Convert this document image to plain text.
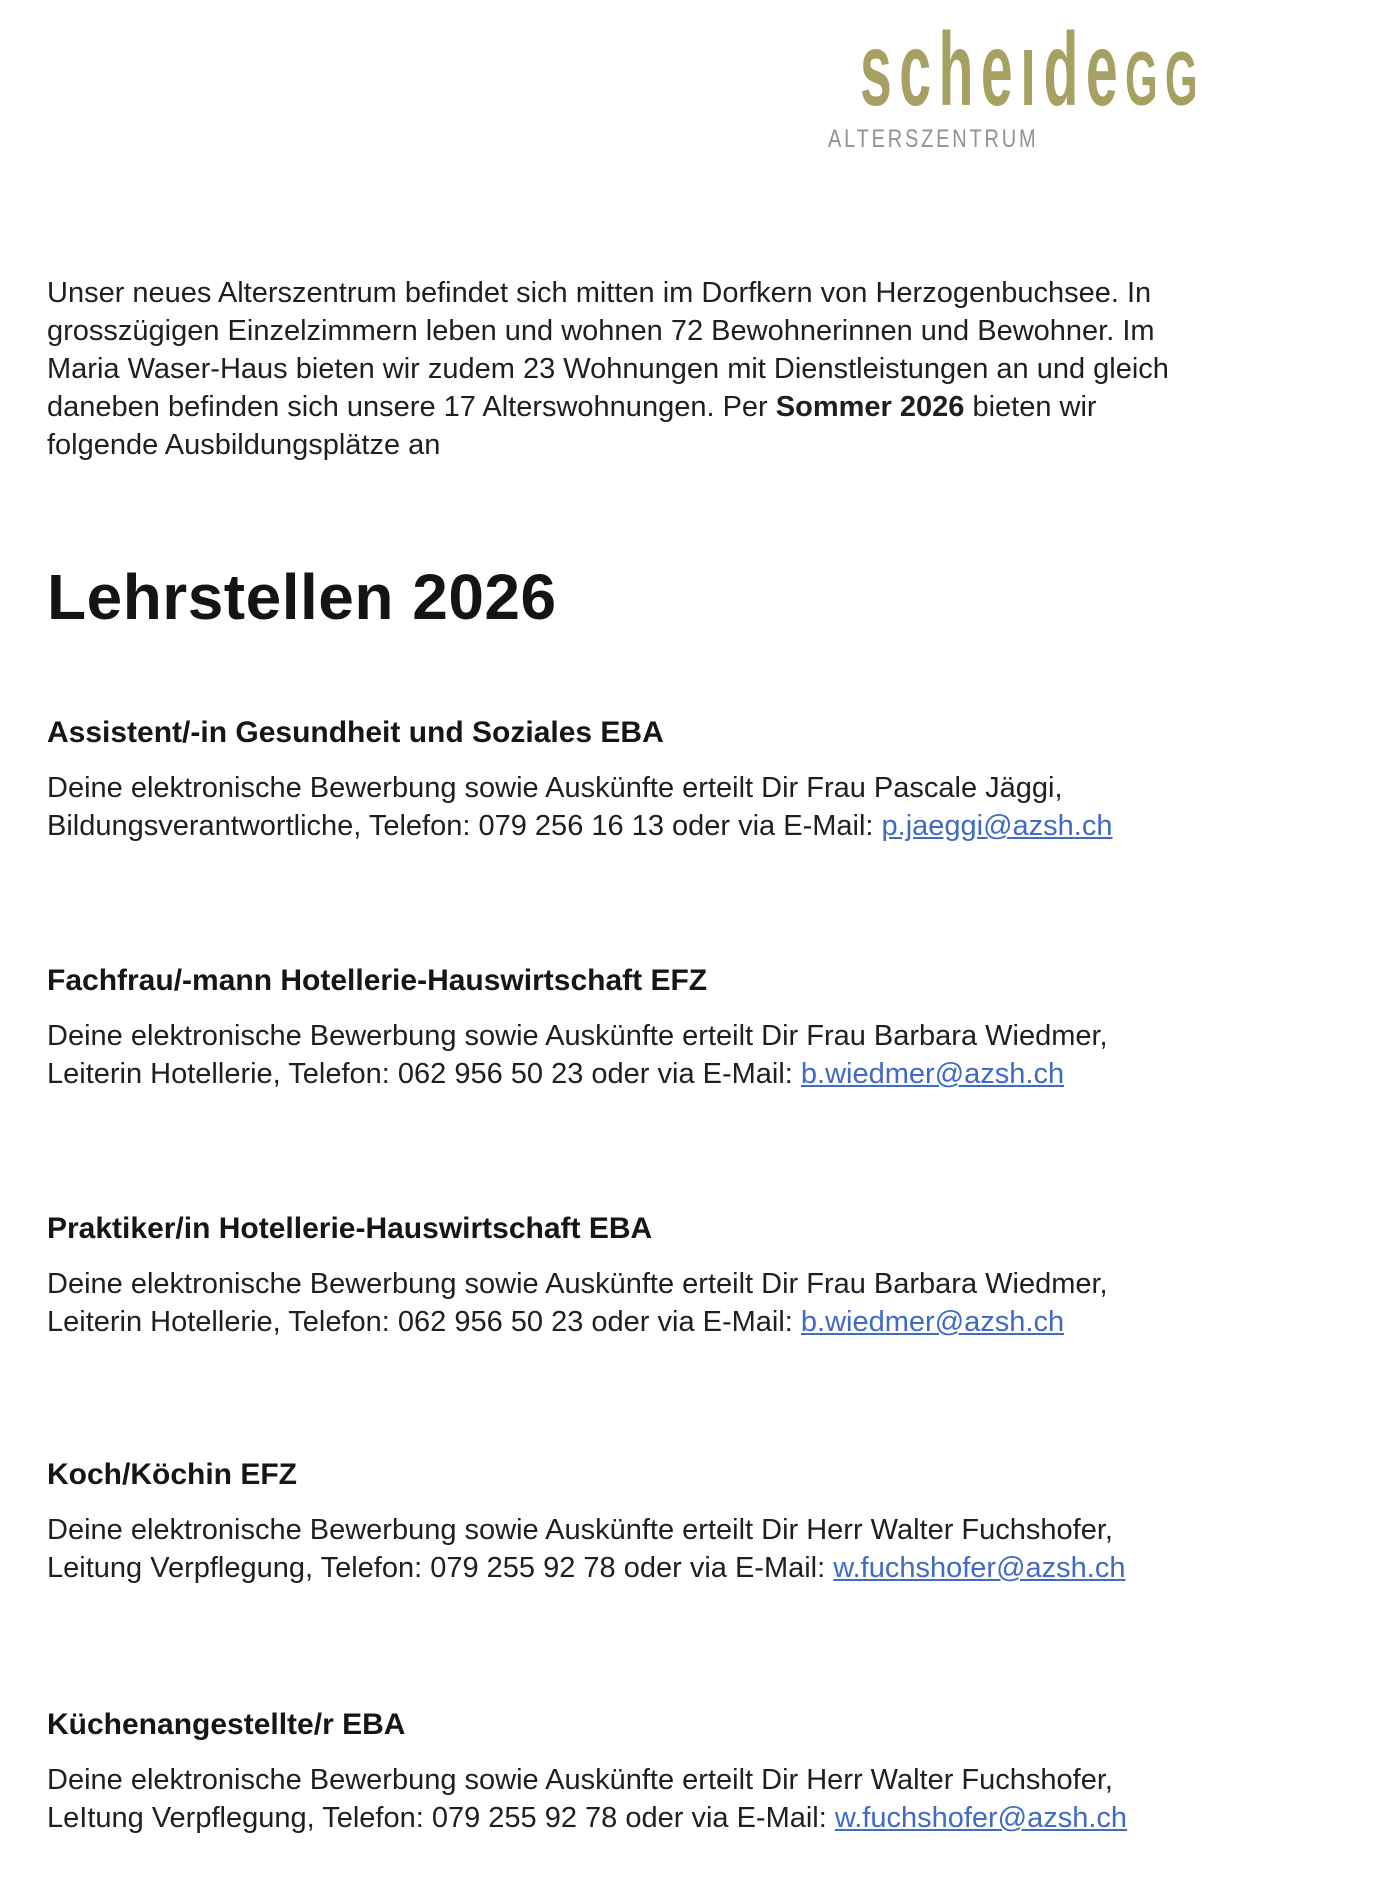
scheıdeGG
ALTERSZENTRUM
Unser neues Alterszentrum befindet sich mitten im Dorfkern von Herzogenbuchsee. In
grosszügigen Einzelzimmern leben und wohnen 72 Bewohnerinnen und Bewohner. Im
Maria Waser-Haus bieten wir zudem 23 Wohnungen mit Dienstleistungen an und gleich
daneben befinden sich unsere 17 Alterswohnungen. Per Sommer 2026 bieten wir
folgende Ausbildungsplätze an
Lehrstellen 2026
Assistent/-in Gesundheit und Soziales EBA
Deine elektronische Bewerbung sowie Auskünfte erteilt Dir Frau Pascale Jäggi,
Bildungsverantwortliche, Telefon: 079 256 16 13 oder via E-Mail: p.jaeggi@azsh.ch
Fachfrau/-mann Hotellerie-Hauswirtschaft EFZ
Deine elektronische Bewerbung sowie Auskünfte erteilt Dir Frau Barbara Wiedmer,
Leiterin Hotellerie, Telefon: 062 956 50 23 oder via E-Mail: b.wiedmer@azsh.ch
Praktiker/in Hotellerie-Hauswirtschaft EBA
Deine elektronische Bewerbung sowie Auskünfte erteilt Dir Frau Barbara Wiedmer,
Leiterin Hotellerie, Telefon: 062 956 50 23 oder via E-Mail: b.wiedmer@azsh.ch
Koch/Köchin EFZ
Deine elektronische Bewerbung sowie Auskünfte erteilt Dir Herr Walter Fuchshofer,
Leitung Verpflegung, Telefon: 079 255 92 78 oder via E-Mail: w.fuchshofer@azsh.ch
Küchenangestellte/r EBA
Deine elektronische Bewerbung sowie Auskünfte erteilt Dir Herr Walter Fuchshofer,
LeItung Verpflegung, Telefon: 079 255 92 78 oder via E-Mail: w.fuchshofer@azsh.ch
